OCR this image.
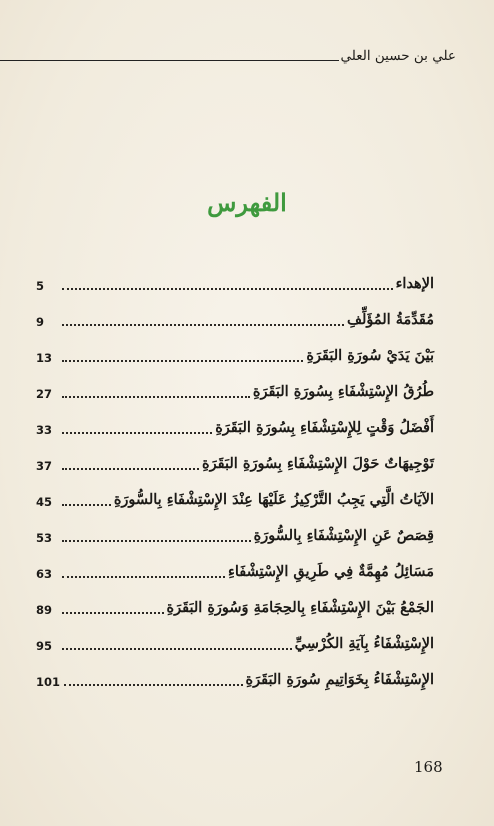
علي بن حسين العلي
الفهرس
الإهداء
5
مُقَدِّمَةُ المُؤَلِّفِ
9
بَيْنَ يَدَيْ سُورَةِ البَقَرَةِ
13
طُرُقُ الإِسْتِشْفَاءِ بِسُورَةِ البَقَرَةِ
27
أَفْضَلُ وَقْتٍ لِلإِسْتِشْفَاءِ بِسُورَةِ البَقَرَةِ
33
تَوْجِيهَاتٌ حَوْلَ الإِسْتِشْفَاءِ بِسُورَةِ البَقَرَةِ
37
الآيَاتُ الَّتِي يَجِبُ التَّرْكِيزُ عَلَيْهَا عِنْدَ الإِسْتِشْفَاءِ بِالسُّورَةِ
45
قِصَصٌ عَنِ الإِسْتِشْفَاءِ بِالسُّورَةِ
53
مَسَائِلُ مُهِمَّةٌ فِي طَرِيقِ الإِسْتِشْفَاءِ
63
الجَمْعُ بَيْنَ الإِسْتِشْفَاءِ بِالحِجَامَةِ وَسُورَةِ البَقَرَةِ
89
الإِسْتِشْفَاءُ بِآيَةِ الكُرْسِيِّ
95
الإِسْتِشْفَاءُ بِخَوَاتِيمِ سُورَةِ البَقَرَةِ
101
168
